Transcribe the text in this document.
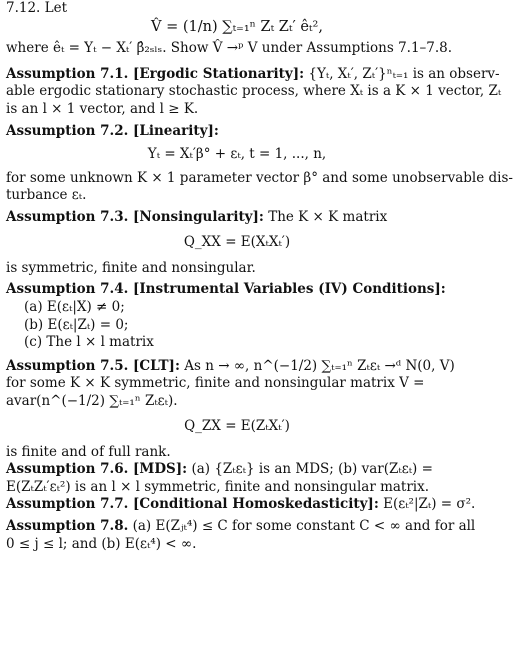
7.12. Let
V̂ = (1/n) ∑ₜ₌₁ⁿ Zₜ Zₜ′ êₜ²,
where êₜ = Yₜ − Xₜ′ β̂₂ₛₗₛ. Show V̂ →ᵖ V under Assumptions 7.1–7.8.
Assumption 7.1. [Ergodic Stationarity]: {Yₜ, Xₜ′, Zₜ′}ⁿₜ₌₁ is an observ-
able ergodic stationary stochastic process, where Xₜ is a K × 1 vector, Zₜ
is an l × 1 vector, and l ≥ K.
Assumption 7.2. [Linearity]:
Yₜ = Xₜ′β° + εₜ, t = 1, ..., n,
for some unknown K × 1 parameter vector β° and some unobservable dis-
turbance εₜ.
Assumption 7.3. [Nonsingularity]: The K × K matrix
Q_XX = E(XₜXₜ′)
is symmetric, finite and nonsingular.
Assumption 7.4. [Instrumental Variables (IV) Conditions]:
(a) E(εₜ|X) ≠ 0;
(b) E(εₜ|Zₜ) = 0;
(c) The l × l matrix
Assumption 7.5. [CLT]: As n → ∞, n^(−1/2) ∑ₜ₌₁ⁿ Zₜεₜ →ᵈ N(0, V)
for some K × K symmetric, finite and nonsingular matrix V =
avar(n^(−1/2) ∑ₜ₌₁ⁿ Zₜεₜ).
Q_ZX = E(ZₜXₜ′)
is finite and of full rank.
Assumption 7.6. [MDS]: (a) {Zₜεₜ} is an MDS; (b) var(Zₜεₜ) =
E(ZₜZₜ′εₜ²) is an l × l symmetric, finite and nonsingular matrix.
Assumption 7.7. [Conditional Homoskedasticity]: E(εₜ²|Zₜ) = σ².
Assumption 7.8. (a) E(Zⱼₜ⁴) ≤ C for some constant C < ∞ and for all
0 ≤ j ≤ l; and (b) E(εₜ⁴) < ∞.
